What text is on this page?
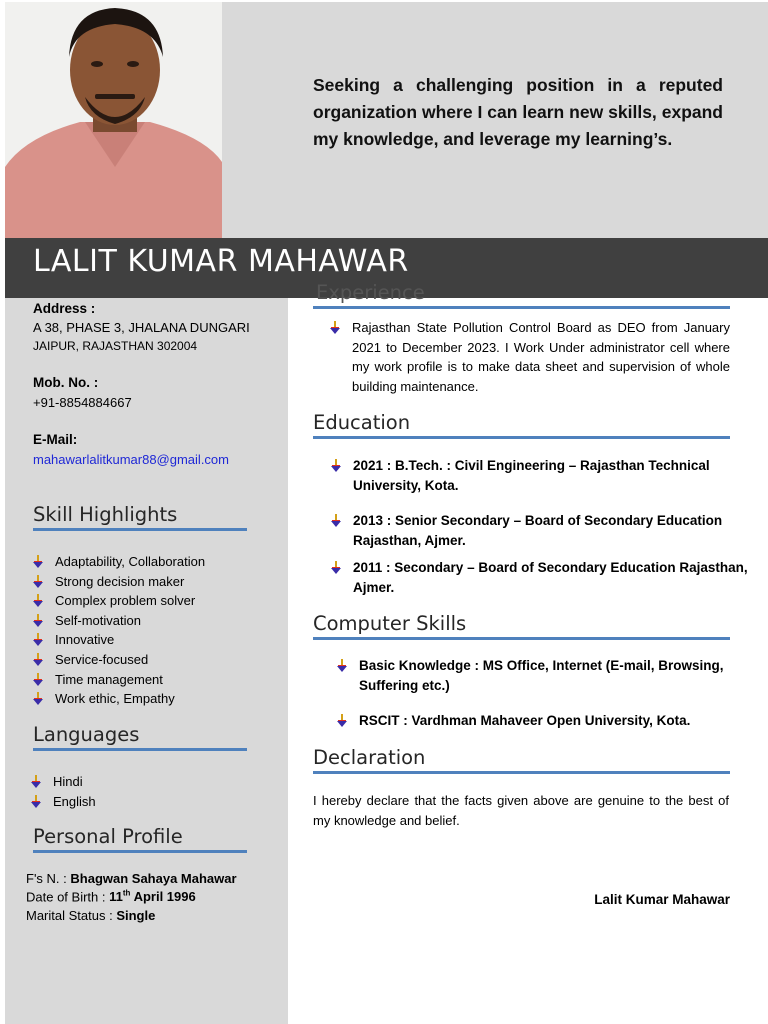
Seeking a challenging position in a reputed organization where I can learn new skills, expand my knowledge, and leverage my learning’s.
LALIT KUMAR MAHAWAR
Address :
A 38, PHASE 3, JHALANA DUNGARI
JAIPUR, RAJASTHAN 302004
Mob. No. :
+91-8854884667
E-Mail:
mahawarlalitkumar88@gmail.com
Skill Highlights
Adaptability, Collaboration
Strong decision maker
Complex problem solver
Self-motivation
Innovative
Service-focused
Time management
Work ethic, Empathy
Languages
Hindi
English
Personal Profile
F's N. : Bhagwan Sahaya Mahawar
Date of Birth : 11th April 1996
Marital Status : Single
Experience
Rajasthan State Pollution Control Board as DEO from January 2021 to December 2023. I Work Under administrator cell where my work profile is to make data sheet and supervision of whole building maintenance.
Education
2021 : B.Tech. : Civil Engineering – Rajasthan Technical University, Kota.
2013 : Senior Secondary – Board of Secondary Education Rajasthan, Ajmer.
2011 : Secondary – Board of Secondary Education Rajasthan, Ajmer.
Computer Skills
Basic Knowledge : MS Office, Internet (E-mail, Browsing, Suffering etc.)
RSCIT : Vardhman Mahaveer Open University, Kota.
Declaration
I hereby declare that the facts given above are genuine to the best of my knowledge and belief.
Lalit Kumar Mahawar
